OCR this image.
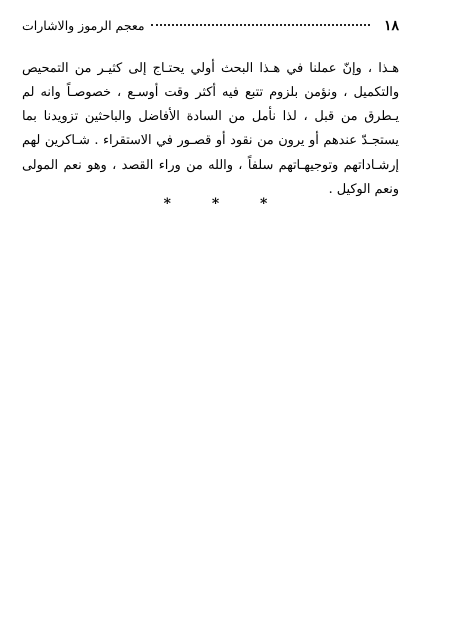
١٨
معجم الرموز والاشارات

هـذا ، وإنّ عملنا في هـذا البحث أولي يحتـاج إلى كثيـر من التمحيص والتكميل ، ونؤمن بلزوم تتبع فيه أكثر وقت أوسـع ، خصوصـاً وانه لم يـطرق من قبل ، لذا نأمل من السادة الأفاضل والباحثين تزويدنا بما يستجـدّ عندهم أو يرون من نقود أو قصـور في الاستقراء . شـاكرين لهم إرشـاداتهم وتوجيهـاتهم سلفاً ، والله من وراء القصد ، وهو نعم المولى ونعم الوكيل .

* * *
